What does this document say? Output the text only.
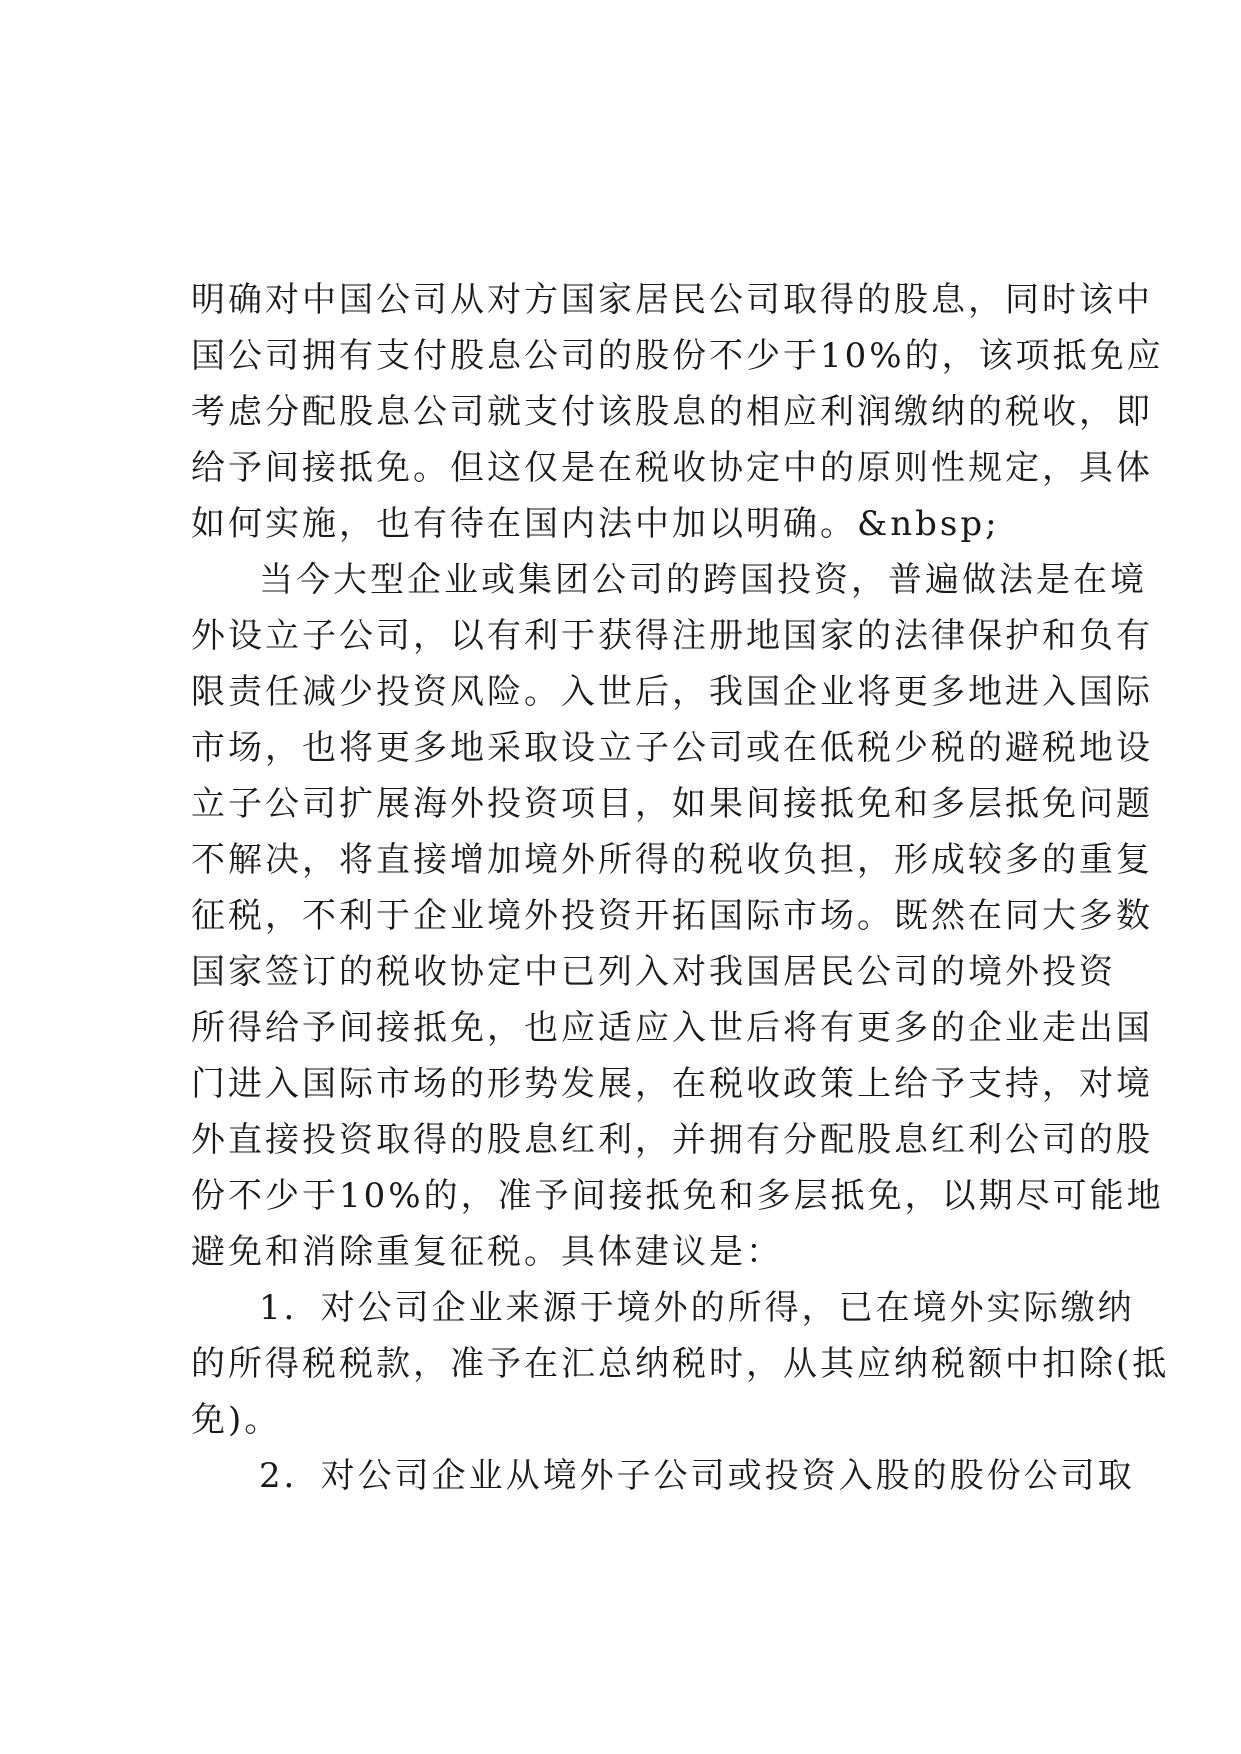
明确对中国公司从对方国家居民公司取得的股息，同时该中
国公司拥有支付股息公司的股份不少于10%的，该项抵免应
考虑分配股息公司就支付该股息的相应利润缴纳的税收，即
给予间接抵免。但这仅是在税收协定中的原则性规定，具体
如何实施，也有待在国内法中加以明确。&nbsp;
当今大型企业或集团公司的跨国投资，普遍做法是在境
外设立子公司，以有利于获得注册地国家的法律保护和负有
限责任减少投资风险。入世后，我国企业将更多地进入国际
市场，也将更多地采取设立子公司或在低税少税的避税地设
立子公司扩展海外投资项目，如果间接抵免和多层抵免问题
不解决，将直接增加境外所得的税收负担，形成较多的重复
征税，不利于企业境外投资开拓国际市场。既然在同大多数
国家签订的税收协定中已列入对我国居民公司的境外投资
所得给予间接抵免，也应适应入世后将有更多的企业走出国
门进入国际市场的形势发展，在税收政策上给予支持，对境
外直接投资取得的股息红利，并拥有分配股息红利公司的股
份不少于10%的，准予间接抵免和多层抵免，以期尽可能地
避免和消除重复征税。具体建议是：
1．对公司企业来源于境外的所得，已在境外实际缴纳
的所得税税款，准予在汇总纳税时，从其应纳税额中扣除(抵
免)。
2．对公司企业从境外子公司或投资入股的股份公司取
